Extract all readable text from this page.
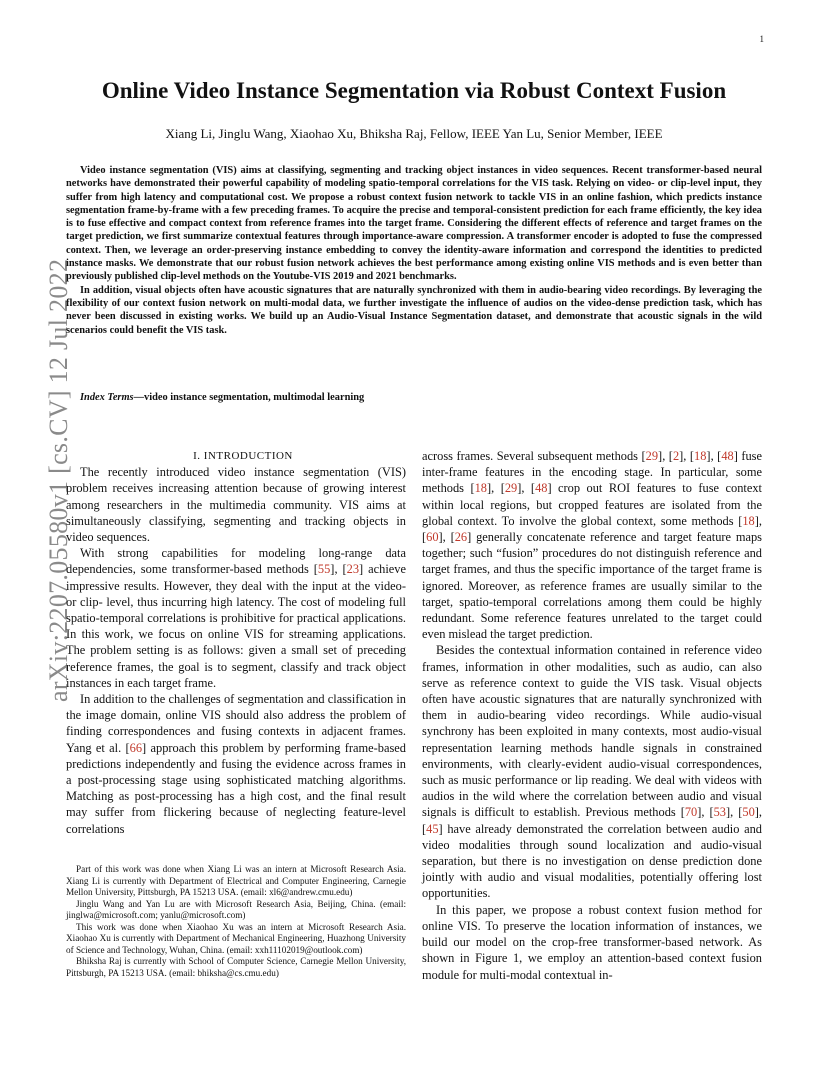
1
arXiv:2207.05580v1 [cs.CV] 12 Jul 2022
Online Video Instance Segmentation via Robust Context Fusion
Xiang Li, Jinglu Wang, Xiaohao Xu, Bhiksha Raj, Fellow, IEEE Yan Lu, Senior Member, IEEE

Video instance segmentation (VIS) aims at classifying, segmenting and tracking object instances in video sequences. Recent transformer-based neural networks have demonstrated their powerful capability of modeling spatio-temporal correlations for the VIS task. Relying on video- or clip-level input, they suffer from high latency and computational cost. We propose a robust context fusion network to tackle VIS in an online fashion, which predicts instance segmentation frame-by-frame with a few preceding frames. To acquire the precise and temporal-consistent prediction for each frame efficiently, the key idea is to fuse effective and compact context from reference frames into the target frame. Considering the different effects of reference and target frames on the target prediction, we first summarize contextual features through importance-aware compression. A transformer encoder is adopted to fuse the compressed context. Then, we leverage an order-preserving instance embedding to convey the identity-aware information and correspond the identities to predicted instance masks. We demonstrate that our robust fusion network achieves the best performance among existing online VIS methods and is even better than previously published clip-level methods on the Youtube-VIS 2019 and 2021 benchmarks.

In addition, visual objects often have acoustic signatures that are naturally synchronized with them in audio-bearing video recordings. By leveraging the flexibility of our context fusion network on multi-modal data, we further investigate the influence of audios on the video-dense prediction task, which has never been discussed in existing works. We build up an Audio-Visual Instance Segmentation dataset, and demonstrate that acoustic signals in the wild scenarios could benefit the VIS task.

Index Terms—video instance segmentation, multimodal learning

I. INTRODUCTION

The recently introduced video instance segmentation (VIS) problem receives increasing attention because of growing interest among researchers in the multimedia community. VIS aims at simultaneously classifying, segmenting and tracking objects in video sequences.

With strong capabilities for modeling long-range data dependencies, some transformer-based methods [55], [23] achieve impressive results. However, they deal with the input at the video- or clip- level, thus incurring high latency. The cost of modeling full spatio-temporal correlations is prohibitive for practical applications. In this work, we focus on online VIS for streaming applications. The problem setting is as follows: given a small set of preceding reference frames, the goal is to segment, classify and track object instances in each target frame.

In addition to the challenges of segmentation and classification in the image domain, online VIS should also address the problem of finding correspondences and fusing contexts in adjacent frames. Yang et al. [66] approach this problem by performing frame-based predictions independently and fusing the evidence across frames in a post-processing stage using sophisticated matching algorithms. Matching as post-processing has a high cost, and the final result may suffer from flickering because of neglecting feature-level correlations

across frames. Several subsequent methods [29], [2], [18], [48] fuse inter-frame features in the encoding stage. In particular, some methods [18], [29], [48] crop out ROI features to fuse context within local regions, but cropped features are isolated from the global context. To involve the global context, some methods [18], [60], [26] generally concatenate reference and target feature maps together; such “fusion” procedures do not distinguish reference and target frames, and thus the specific importance of the target frame is ignored. Moreover, as reference frames are usually similar to the target, spatio-temporal correlations among them could be highly redundant. Some reference features unrelated to the target could even mislead the target prediction.

Besides the contextual information contained in reference video frames, information in other modalities, such as audio, can also serve as reference context to guide the VIS task. Visual objects often have acoustic signatures that are naturally synchronized with them in audio-bearing video recordings. While audio-visual synchrony has been exploited in many contexts, most audio-visual representation learning methods handle signals in constrained environments, with clearly-evident audio-visual correspondences, such as music performance or lip reading. We deal with videos with audios in the wild where the correlation between audio and visual signals is difficult to establish. Previous methods [70], [53], [50], [45] have already demonstrated the correlation between audio and video modalities through sound localization and audio-visual separation, but there is no investigation on dense prediction done jointly with audio and visual modalities, potentially offering lost opportunities.

In this paper, we propose a robust context fusion method for online VIS. To preserve the location information of instances, we build our model on the crop-free transformer-based network. As shown in Figure 1, we employ an attention-based context fusion module for multi-modal contextual in-

Part of this work was done when Xiang Li was an intern at Microsoft Research Asia. Xiang Li is currently with Department of Electrical and Computer Engineering, Carnegie Mellon University, Pittsburgh, PA 15213 USA. (email: xl6@andrew.cmu.edu)

Jinglu Wang and Yan Lu are with Microsoft Research Asia, Beijing, China. (email: jinglwa@microsoft.com; yanlu@microsoft.com)

This work was done when Xiaohao Xu was an intern at Microsoft Research Asia. Xiaohao Xu is currently with Department of Mechanical Engineering, Huazhong University of Science and Technology, Wuhan, China. (email: xxh11102019@outlook.com)

Bhiksha Raj is currently with School of Computer Science, Carnegie Mellon University, Pittsburgh, PA 15213 USA. (email: bhiksha@cs.cmu.edu)
